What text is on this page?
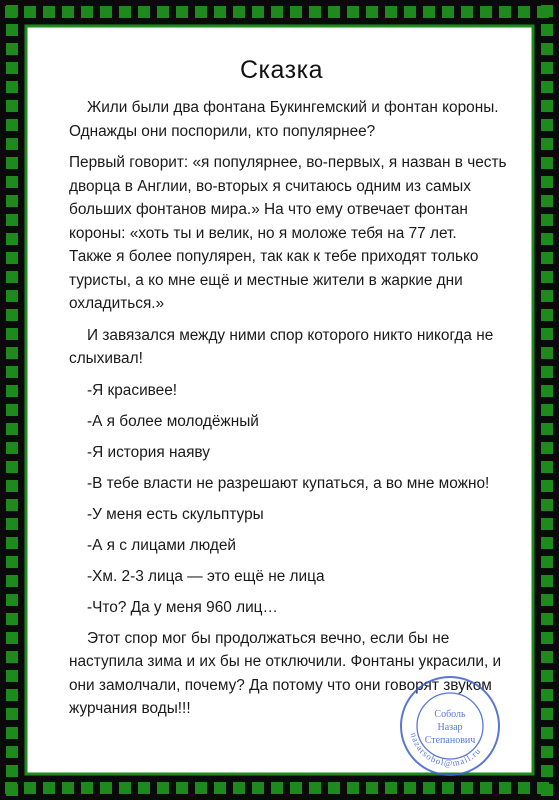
Сказка

Жили были два фонтана Букингемский и фонтан короны.
Однажды они поспорили, кто популярнее?

Первый говорит: «я популярнее, во-первых, я назван в честь
дворца в Англии, во-вторых я считаюсь одним из самых
больших фонтанов мира.» На что ему отвечает фонтан
короны: «хоть ты и велик, но я моложе тебя на 77 лет.
Также я более популярен, так как к тебе приходят только
туристы, а ко мне ещё и местные жители в жаркие дни
охладиться.»

И завязался между ними спор которого никто никогда не
слыхивал!

-Я красивее!

-А я более молодёжный

-Я история наяву

-В тебе власти не разрешают купаться, а во мне можно!

-У меня есть скульптуры

-А я с лицами людей

-Хм. 2-3 лица — это ещё не лица

-Что? Да у меня 960 лиц…

Этот спор мог бы продолжаться вечно, если бы не
наступила зима и их бы не отключили. Фонтаны украсили, и
они замолчали, почему? Да потому что они говорят звуком
журчания воды!!!

nazarsobol@mail.ru
Соболь
Назар
Степанович
